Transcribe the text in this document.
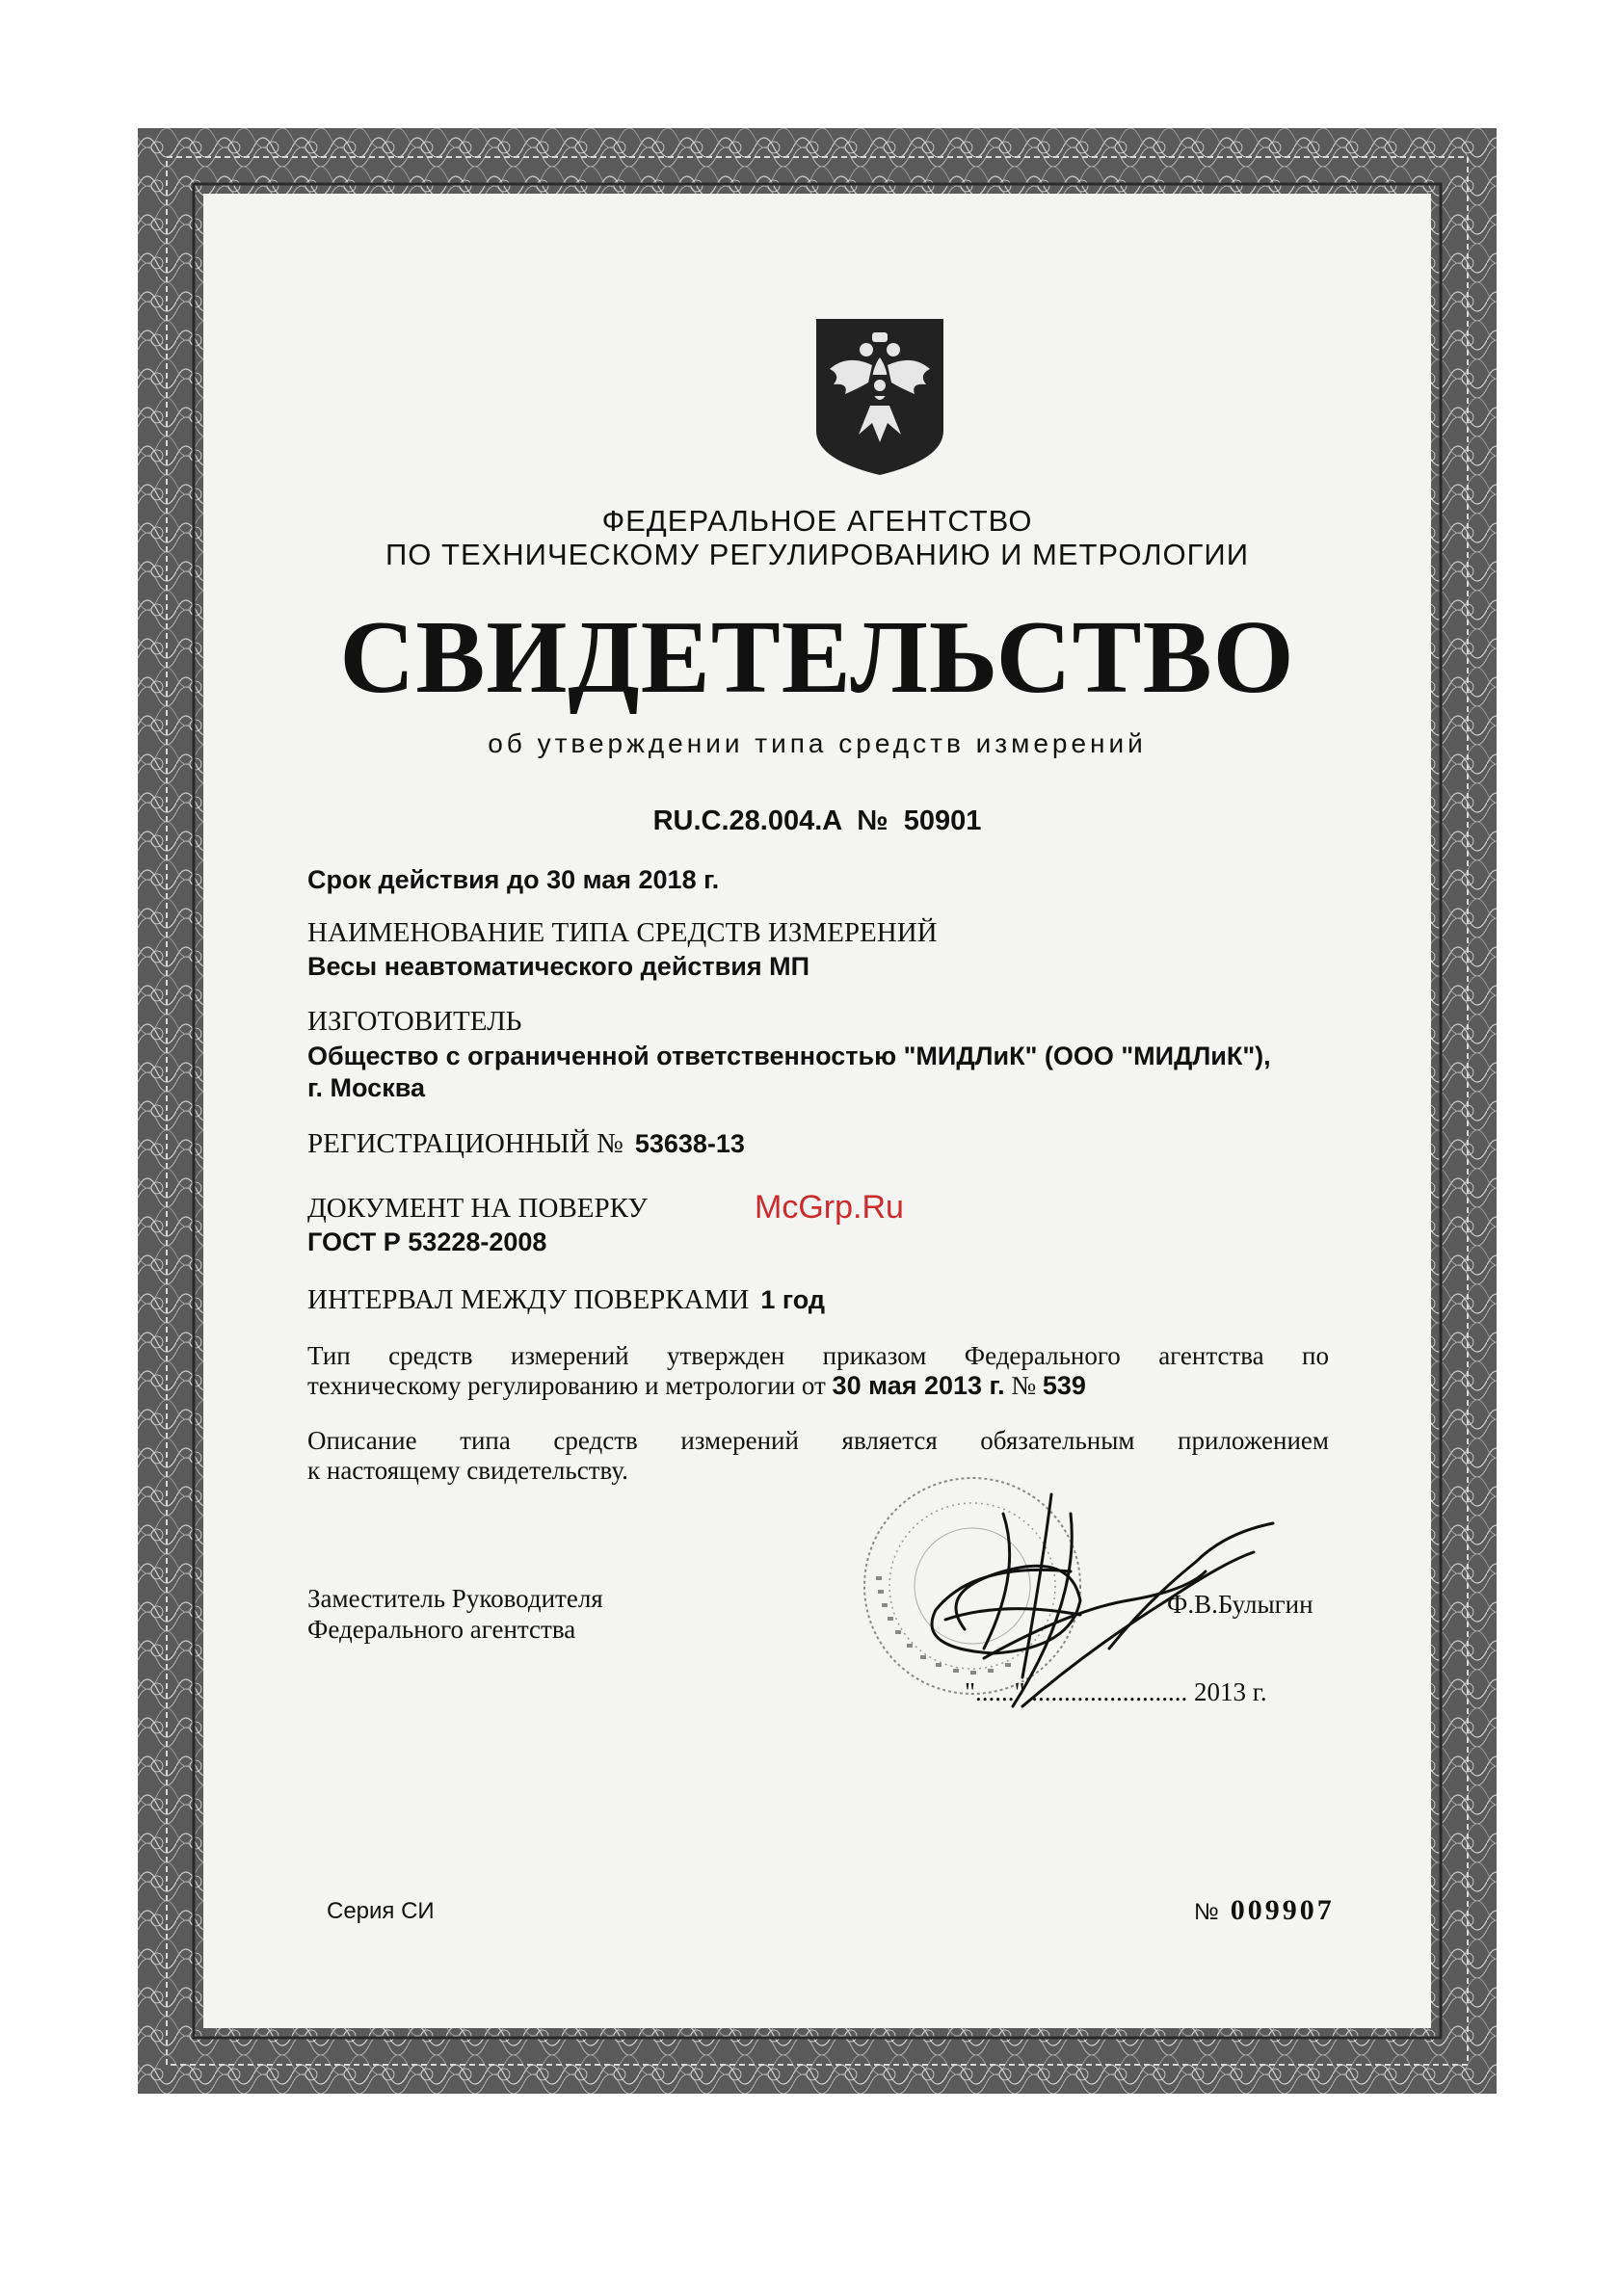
ФЕДЕРАЛЬНОЕ АГЕНТСТВО
ПО ТЕХНИЧЕСКОМУ РЕГУЛИРОВАНИЮ И МЕТРОЛОГИИ
СВИДЕТЕЛЬСТВО
об утверждении типа средств измерений
RU.C.28.004.A  №  50901
Срок действия до 30 мая 2018 г.
НАИМЕНОВАНИЕ ТИПА СРЕДСТВ ИЗМЕРЕНИЙ
Весы неавтоматического действия МП
ИЗГОТОВИТЕЛЬ
Общество с ограниченной ответственностью "МИДЛиК" (ООО "МИДЛиК"),
г. Москва
РЕГИСТРАЦИОННЫЙ № 53638-13
ДОКУМЕНТ НА ПОВЕРКУ
ГОСТ Р 53228-2008
McGrp.Ru
ИНТЕРВАЛ МЕЖДУ ПОВЕРКАМИ 1 год
Тип средств измерений утвержден приказом Федерального агентства по
техническому регулированию и метрологии от 30 мая 2013 г. № 539
Описание типа средств измерений является обязательным приложением
к настоящему свидетельству.
Заместитель Руководителя
Федерального агентства
Ф.В.Булыгин
"......" ........................ 2013 г.
Серия СИ	№ 009907
